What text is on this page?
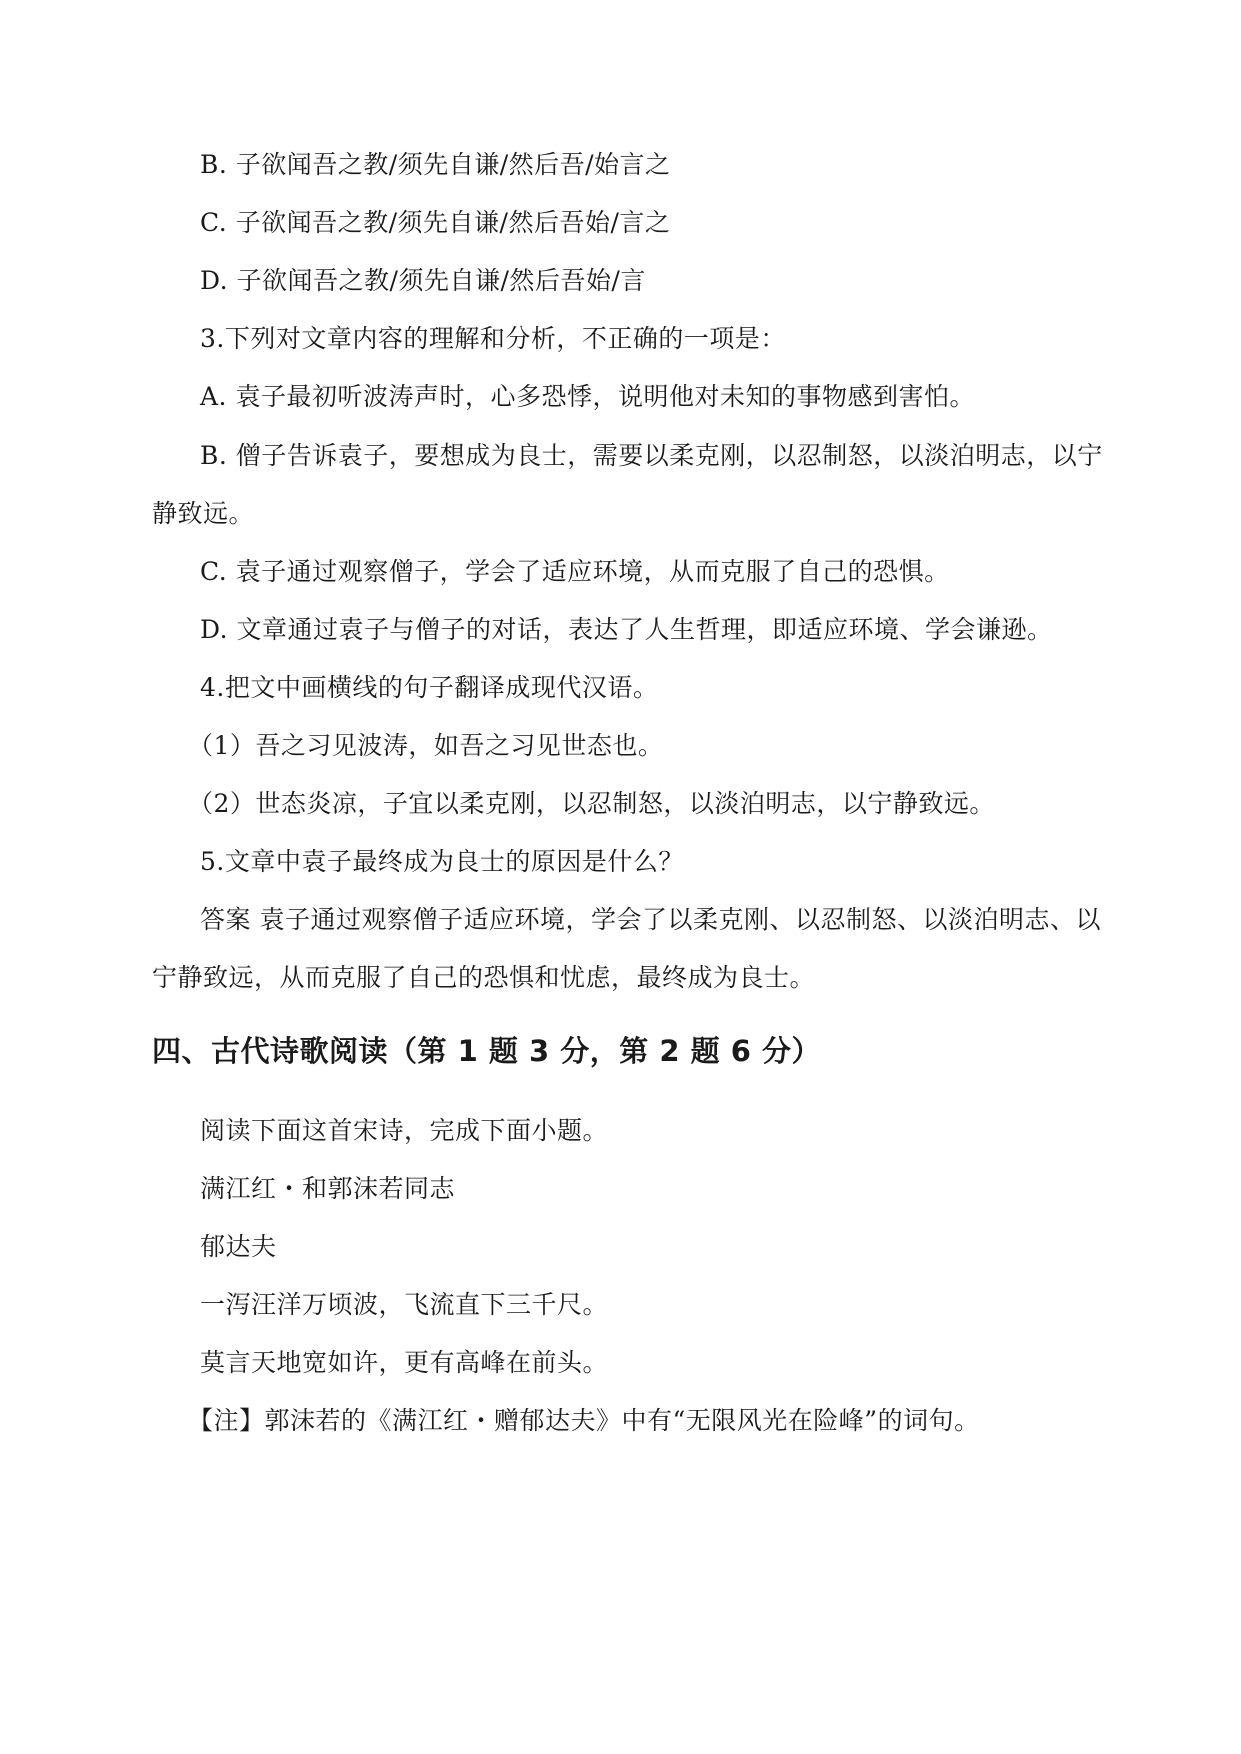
B. 子欲闻吾之教/须先自谦/然后吾/始言之
C. 子欲闻吾之教/须先自谦/然后吾始/言之
D. 子欲闻吾之教/须先自谦/然后吾始/言
3.下列对文章内容的理解和分析，不正确的一项是：
A. 袁子最初听波涛声时，心多恐悸，说明他对未知的事物感到害怕。
B. 僧子告诉袁子，要想成为良士，需要以柔克刚，以忍制怒，以淡泊明志，以宁
静致远。
C. 袁子通过观察僧子，学会了适应环境，从而克服了自己的恐惧。
D. 文章通过袁子与僧子的对话，表达了人生哲理，即适应环境、学会谦逊。
4.把文中画横线的句子翻译成现代汉语。
（1）吾之习见波涛，如吾之习见世态也。
（2）世态炎凉，子宜以柔克刚，以忍制怒，以淡泊明志，以宁静致远。
5.文章中袁子最终成为良士的原因是什么？
答案 袁子通过观察僧子适应环境，学会了以柔克刚、以忍制怒、以淡泊明志、以
宁静致远，从而克服了自己的恐惧和忧虑，最终成为良士。
四、古代诗歌阅读（第 1 题 3 分，第 2 题 6 分）
阅读下面这首宋诗，完成下面小题。
满江红・和郭沫若同志
郁达夫
一泻汪洋万顷波，飞流直下三千尺。
莫言天地宽如许，更有高峰在前头。
【注】郭沫若的《满江红・赠郁达夫》中有“无限风光在险峰”的词句。
